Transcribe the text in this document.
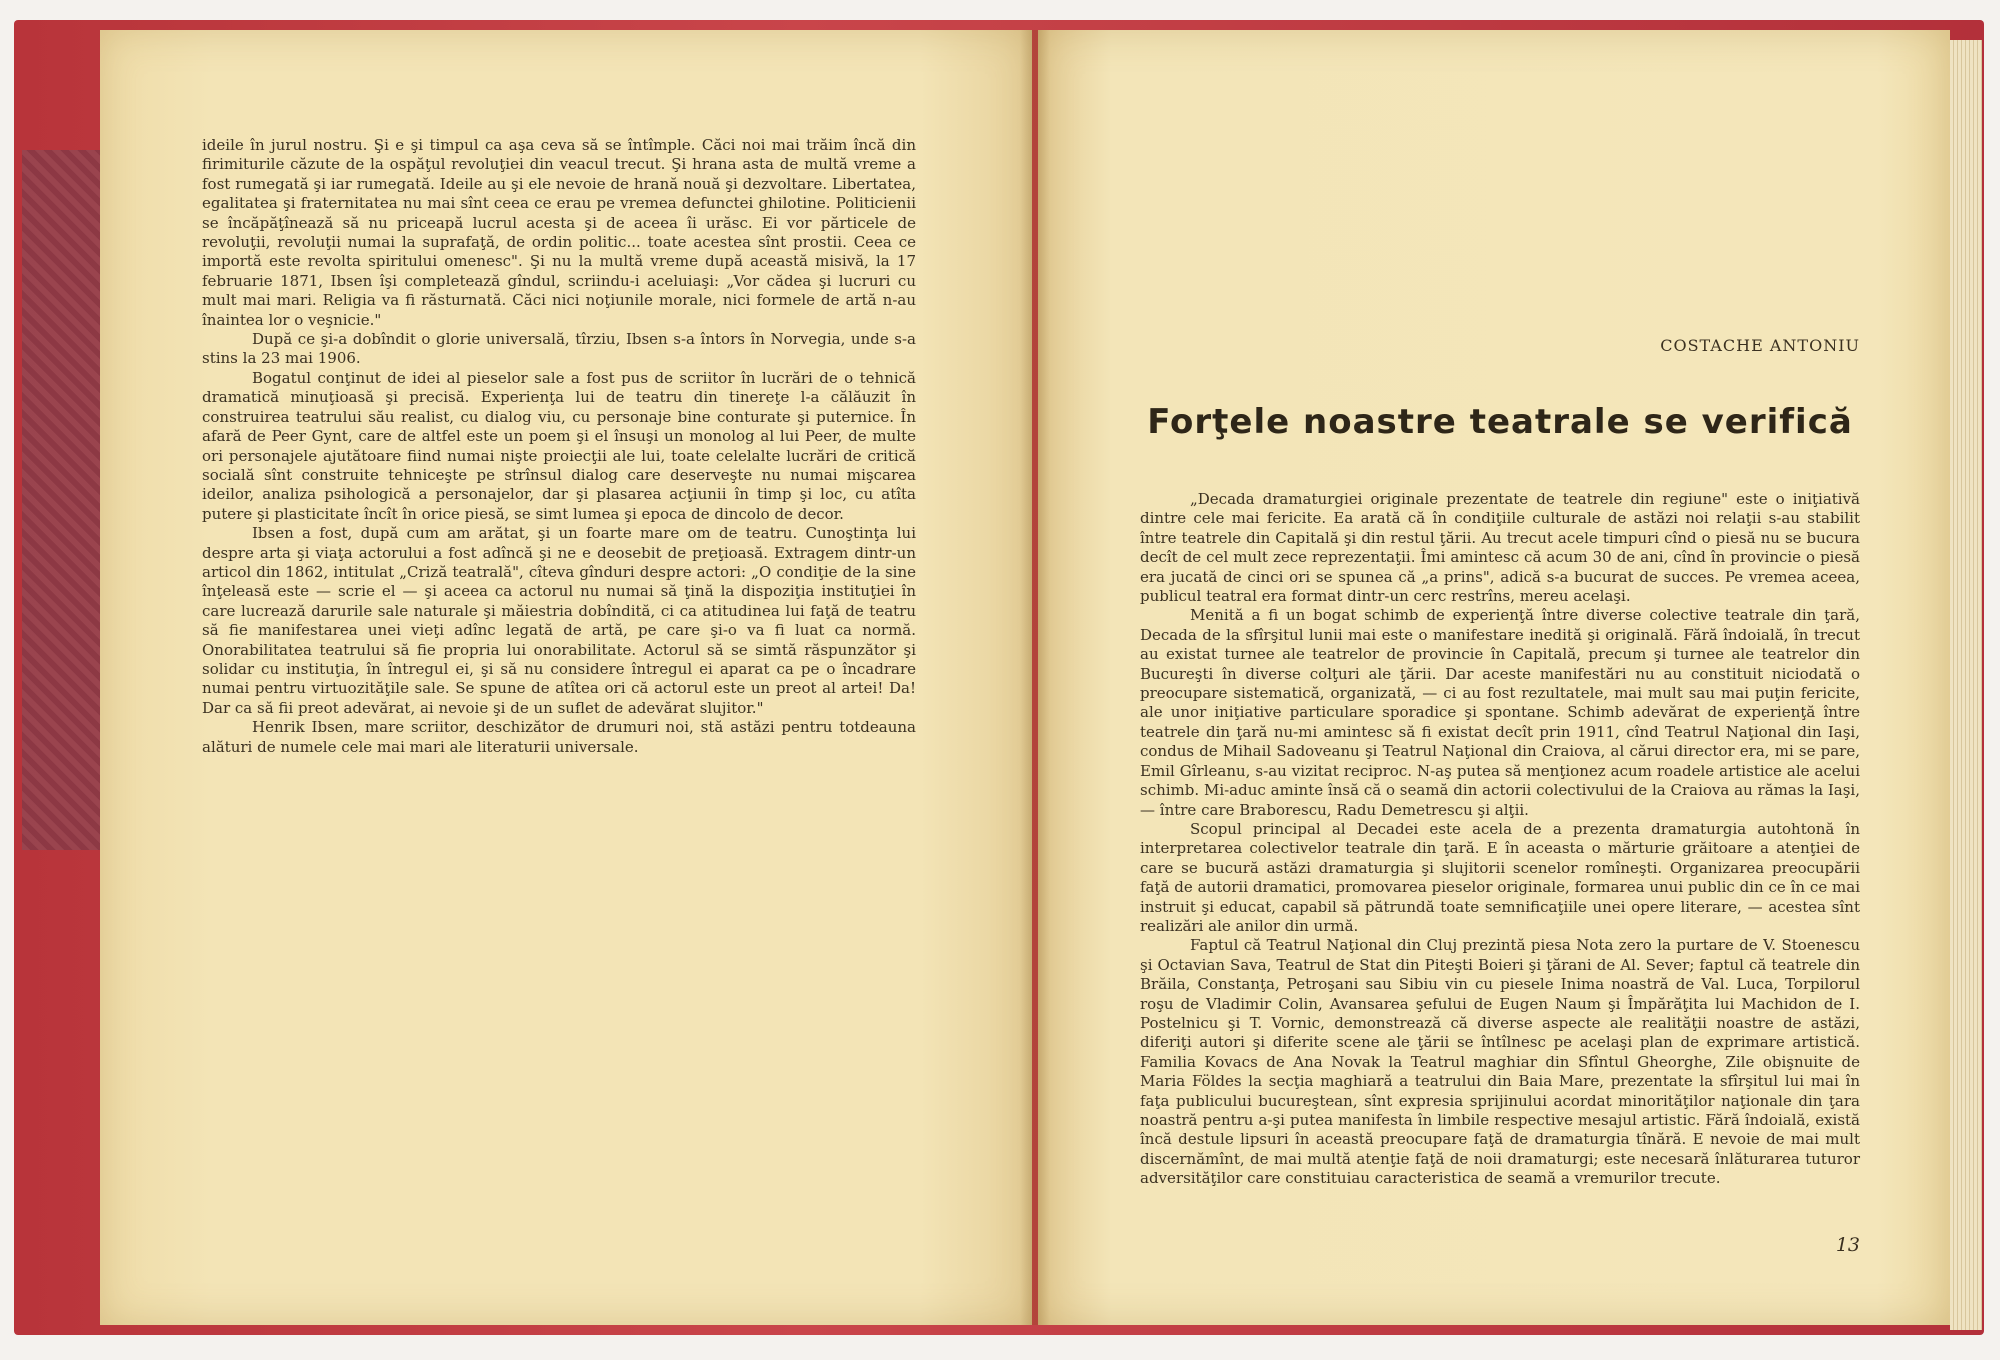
ideile în jurul nostru. Şi e şi timpul ca aşa ceva să se întîmple. Căci noi mai trăim încă din firimiturile căzute de la ospăţul revoluţiei din veacul trecut. Şi hrana asta de multă vreme a fost rumegată şi iar rumegată. Ideile au şi ele nevoie de hrană nouă şi dezvoltare. Libertatea, egalitatea şi fraternitatea nu mai sînt ceea ce erau pe vremea defunctei ghilotine. Politicienii se încăpăţînează să nu priceapă lucrul acesta şi de aceea îi urăsc. Ei vor părticele de revoluţii, revoluţii numai la suprafaţă, de ordin politic... toate acestea sînt prostii. Ceea ce importă este revolta spiritului omenesc". Şi nu la multă vreme după această misivă, la 17 februarie 1871, Ibsen îşi completează gîndul, scriindu-i aceluiaşi: „Vor cădea şi lucruri cu mult mai mari. Religia va fi răsturnată. Căci nici noţiunile morale, nici formele de artă n-au înaintea lor o veşnicie."

După ce şi-a dobîndit o glorie universală, tîrziu, Ibsen s-a întors în Norvegia, unde s-a stins la 23 mai 1906.

Bogatul conţinut de idei al pieselor sale a fost pus de scriitor în lucrări de o tehnică dramatică minuţioasă şi precisă. Experienţa lui de teatru din tinereţe l-a călăuzit în construirea teatrului său realist, cu dialog viu, cu personaje bine conturate şi puternice. În afară de Peer Gynt, care de altfel este un poem şi el însuşi un monolog al lui Peer, de multe ori personajele ajutătoare fiind numai nişte proiecţii ale lui, toate celelalte lucrări de critică socială sînt construite tehniceşte pe strînsul dialog care deserveşte nu numai mişcarea ideilor, analiza psihologică a personajelor, dar şi plasarea acţiunii în timp şi loc, cu atîta putere şi plasticitate încît în orice piesă, se simt lumea şi epoca de dincolo de decor.

Ibsen a fost, după cum am arătat, şi un foarte mare om de teatru. Cunoştinţa lui despre arta şi viaţa actorului a fost adîncă şi ne e deosebit de preţioasă. Extragem dintr-un articol din 1862, intitulat „Criză teatrală", cîteva gînduri despre actori: „O condiţie de la sine înţeleasă este — scrie el — şi aceea ca actorul nu numai să ţină la dispoziţia instituţiei în care lucrează darurile sale naturale şi măiestria dobîndită, ci ca atitudinea lui faţă de teatru să fie manifestarea unei vieţi adînc legată de artă, pe care şi-o va fi luat ca normă. Onorabilitatea teatrului să fie propria lui onorabilitate. Actorul să se simtă răspunzător şi solidar cu instituţia, în întregul ei, şi să nu considere întregul ei aparat ca pe o încadrare numai pentru virtuozităţile sale. Se spune de atîtea ori că actorul este un preot al artei! Da! Dar ca să fii preot adevărat, ai nevoie şi de un suflet de adevărat slujitor."

Henrik Ibsen, mare scriitor, deschizător de drumuri noi, stă astăzi pentru totdeauna alături de numele cele mai mari ale literaturii universale.

COSTACHE ANTONIU
Forţele noastre teatrale se verifică

„Decada dramaturgiei originale prezentate de teatrele din regiune" este o iniţiativă dintre cele mai fericite. Ea arată că în condiţiile culturale de astăzi noi relaţii s-au stabilit între teatrele din Capitală şi din restul ţării. Au trecut acele timpuri cînd o piesă nu se bucura decît de cel mult zece reprezentaţii. Îmi amintesc că acum 30 de ani, cînd în provincie o piesă era jucată de cinci ori se spunea că „a prins", adică s-a bucurat de succes. Pe vremea aceea, publicul teatral era format dintr-un cerc restrîns, mereu acelaşi.

Menită a fi un bogat schimb de experienţă între diverse colective teatrale din ţară, Decada de la sfîrşitul lunii mai este o manifestare inedită şi originală. Fără îndoială, în trecut au existat turnee ale teatrelor de provincie în Capitală, precum şi turnee ale teatrelor din Bucureşti în diverse colţuri ale ţării. Dar aceste manifestări nu au constituit niciodată o preocupare sistematică, organizată, — ci au fost rezultatele, mai mult sau mai puţin fericite, ale unor iniţiative particulare sporadice şi spontane. Schimb adevărat de experienţă între teatrele din ţară nu-mi amintesc să fi existat decît prin 1911, cînd Teatrul Naţional din Iaşi, condus de Mihail Sadoveanu şi Teatrul Naţional din Craiova, al cărui director era, mi se pare, Emil Gîrleanu, s-au vizitat reciproc. N-aş putea să menţionez acum roadele artistice ale acelui schimb. Mi-aduc aminte însă că o seamă din actorii colectivului de la Craiova au rămas la Iaşi, — între care Braborescu, Radu Demetrescu şi alţii.

Scopul principal al Decadei este acela de a prezenta dramaturgia autohtonă în interpretarea colectivelor teatrale din ţară. E în aceasta o mărturie grăitoare a atenţiei de care se bucură astăzi dramaturgia şi slujitorii scenelor romîneşti. Organizarea preocupării faţă de autorii dramatici, promovarea pieselor originale, formarea unui public din ce în ce mai instruit şi educat, capabil să pătrundă toate semnificaţiile unei opere literare, — acestea sînt realizări ale anilor din urmă.

Faptul că Teatrul Naţional din Cluj prezintă piesa Nota zero la purtare de V. Stoenescu şi Octavian Sava, Teatrul de Stat din Piteşti Boieri şi ţărani de Al. Sever; faptul că teatrele din Brăila, Constanţa, Petroşani sau Sibiu vin cu piesele Inima noastră de Val. Luca, Torpilorul roşu de Vladimir Colin, Avansarea şefului de Eugen Naum şi Împărăţita lui Machidon de I. Postelnicu şi T. Vornic, demonstrează că diverse aspecte ale realităţii noastre de astăzi, diferiţi autori şi diferite scene ale ţării se întîlnesc pe acelaşi plan de exprimare artistică. Familia Kovacs de Ana Novak la Teatrul maghiar din Sfîntul Gheorghe, Zile obişnuite de Maria Földes la secţia maghiară a teatrului din Baia Mare, prezentate la sfîrşitul lui mai în faţa publicului bucureştean, sînt expresia sprijinului acordat minorităţilor naţionale din ţara noastră pentru a-şi putea manifesta în limbile respective mesajul artistic. Fără îndoială, există încă destule lipsuri în această preocupare faţă de dramaturgia tînără. E nevoie de mai mult discernămînt, de mai multă atenţie faţă de noii dramaturgi; este necesară înlăturarea tuturor adversităţilor care constituiau caracteristica de seamă a vremurilor trecute.

13
